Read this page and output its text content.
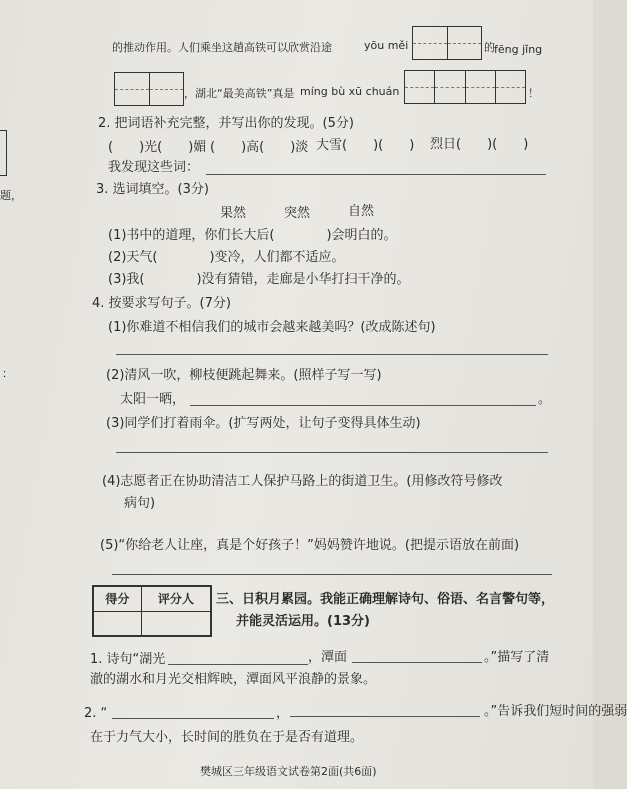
题，
：
的推动作用。人们乘坐这趟高铁可以欣赏沿途	yōu měi	的 fēng jǐng
，湖北“最美高铁”真是 míng bù xū chuán	！
2. 把词语补充完整，并写出你的发现。(5分)
(　　)光(　　)媚 (　　)高(　　)淡 大雪(　　)(　　) 烈日(　　)(　　)
我发现这些词：
3. 选词填空。(3分)
果然	突然	自然
(1)书中的道理，你们长大后(　　　　)会明白的。
(2)天气(　　　　)变冷，人们都不适应。
(3)我(　　　　)没有猜错，走廊是小华打扫干净的。
4. 按要求写句子。(7分)
(1)你难道不相信我们的城市会越来越美吗？(改成陈述句)
(2)清风一吹，柳枝便跳起舞来。(照样子写一写)
太阳一晒，	。
(3)同学们打着雨伞。(扩写两处，让句子变得具体生动)
(4)志愿者正在协助清洁工人保护马路上的街道卫生。(用修改符号修改
病句)
(5)“你给老人让座，真是个好孩子！”妈妈赞许地说。(把提示语放在前面)
得分	评分人
	三、日积月累园。我能正确理解诗句、俗语、名言警句等，
并能灵活运用。(13分)
1. 诗句“湖光	，潭面	。”描写了清
澈的湖水和月光交相辉映，潭面风平浪静的景象。
2. “	，	。”告诉我们短时间的强弱
在于力气大小，长时间的胜负在于是否有道理。
樊城区三年级语文试卷第2面(共6面)
